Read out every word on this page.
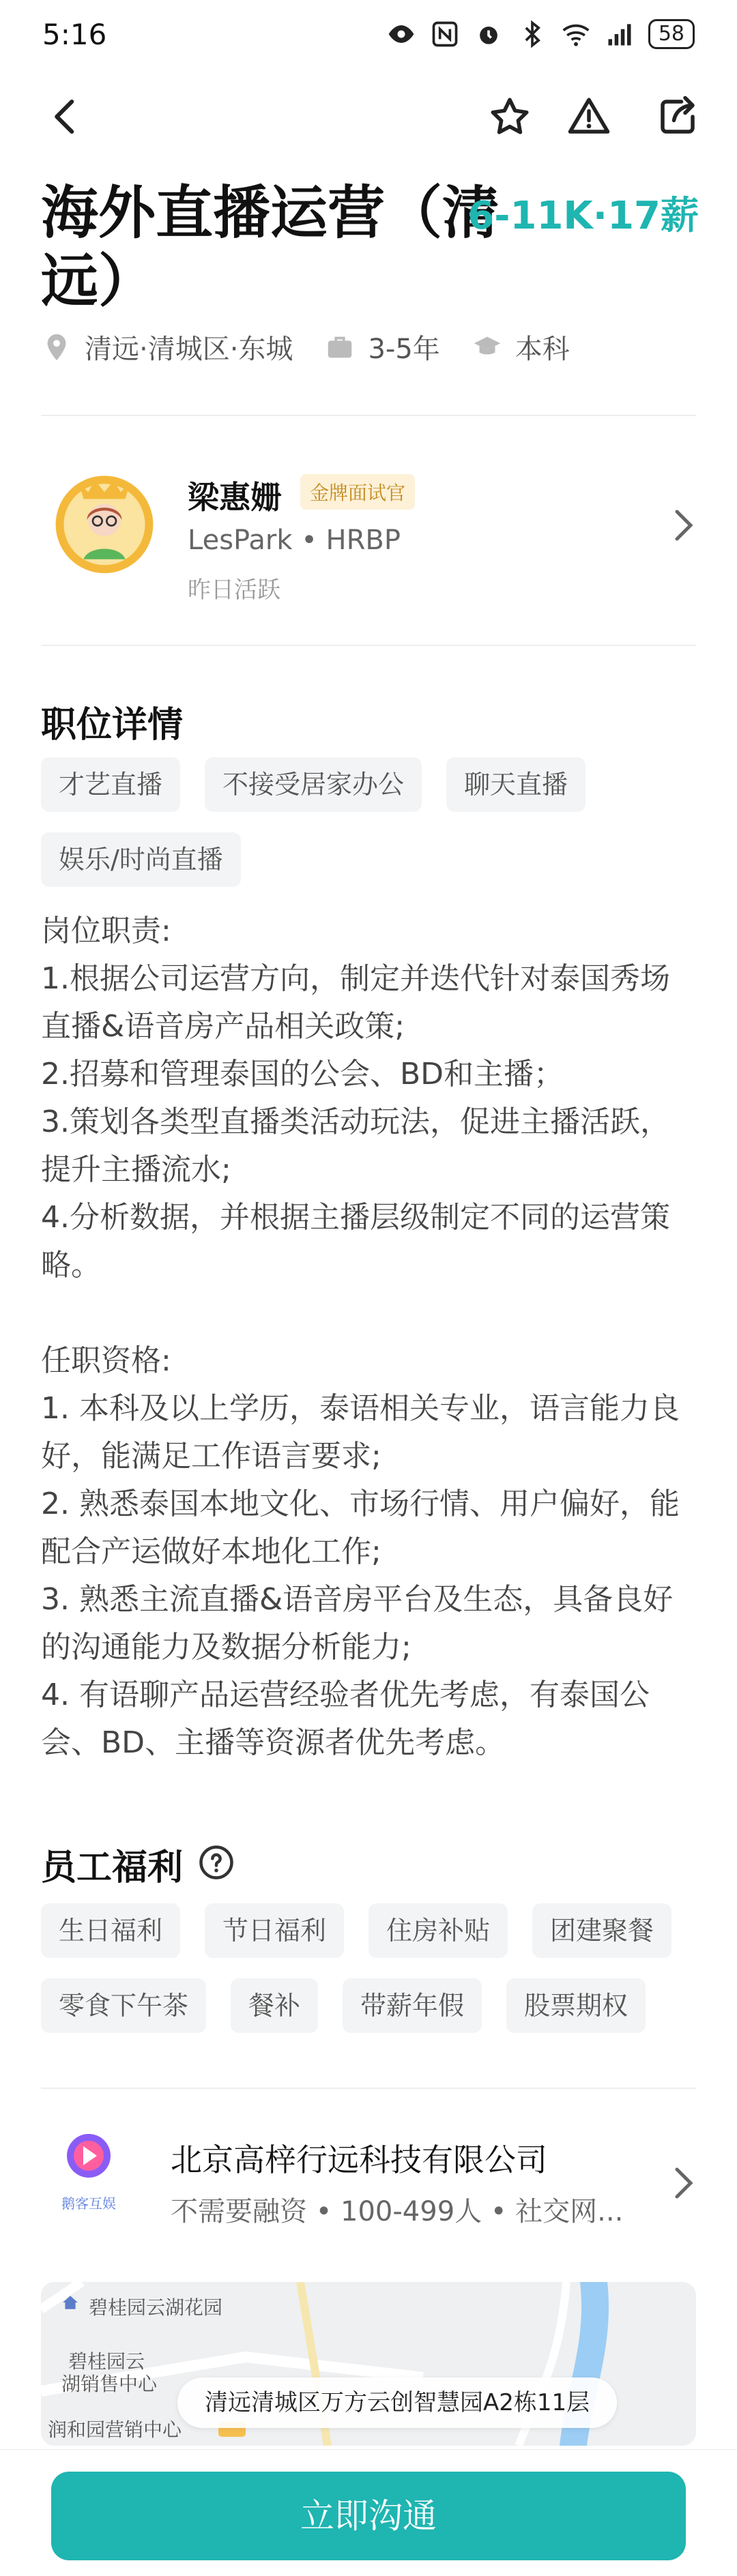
5:16	58
海外直播运营（清远）
6-11K·17薪
清远·清城区·东城	3-5年	本科
梁惠姗	金牌面试官
LesPark • HRBP
昨日活跃
职位详情
才艺直播	不接受居家办公	聊天直播
娱乐/时尚直播

岗位职责:

1.根据公司运营方向，制定并迭代针对泰国秀场直播&语音房产品相关政策;

2.招募和管理泰国的公会、BD和主播；

3.策划各类型直播类活动玩法，促进主播活跃，提升主播流水;

4.分析数据，并根据主播层级制定不同的运营策略。

任职资格:

1. 本科及以上学历，泰语相关专业，语言能力良好，能满足工作语言要求;

2. 熟悉泰国本地文化、市场行情、用户偏好，能配合产运做好本地化工作;

3. 熟悉主流直播&语音房平台及生态，具备良好的沟通能力及数据分析能力;

4. 有语聊产品运营经验者优先考虑，有泰国公会、BD、主播等资源者优先考虑。

员工福利
生日福利	节日福利	住房补贴	团建聚餐
零食下午茶	餐补	带薪年假	股票期权
鹅客互娱
北京高梓行远科技有限公司
不需要融资 • 100-499人 • 社交网...
碧桂园云湖花园
碧桂园云
湖销售中心
润和园营销中心
清远清城区万方云创智慧园A2栋11层
立即沟通
